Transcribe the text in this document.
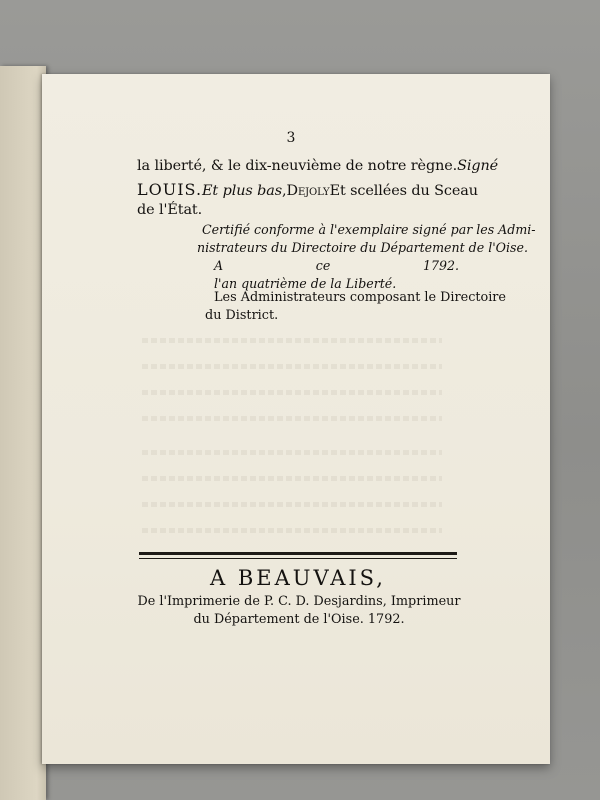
3
la liberté, & le dix-neuvième de notre règne. Signé
LOUIS. Et plus bas , Dejoly Et scellées du Sceau
de l'État.
Certifié conforme à l'exemplaire signé par les Admi-
nistrateurs du Directoire du Département de l'Oise.
A	ce	1792.
l'an quatrième de la Liberté.
Les Administrateurs composant le Directoire
du District.
A BEAUVAIS,
De l'Imprimerie de P. C. D. Desjardins, Imprimeur
du Département de l'Oise. 1792.
